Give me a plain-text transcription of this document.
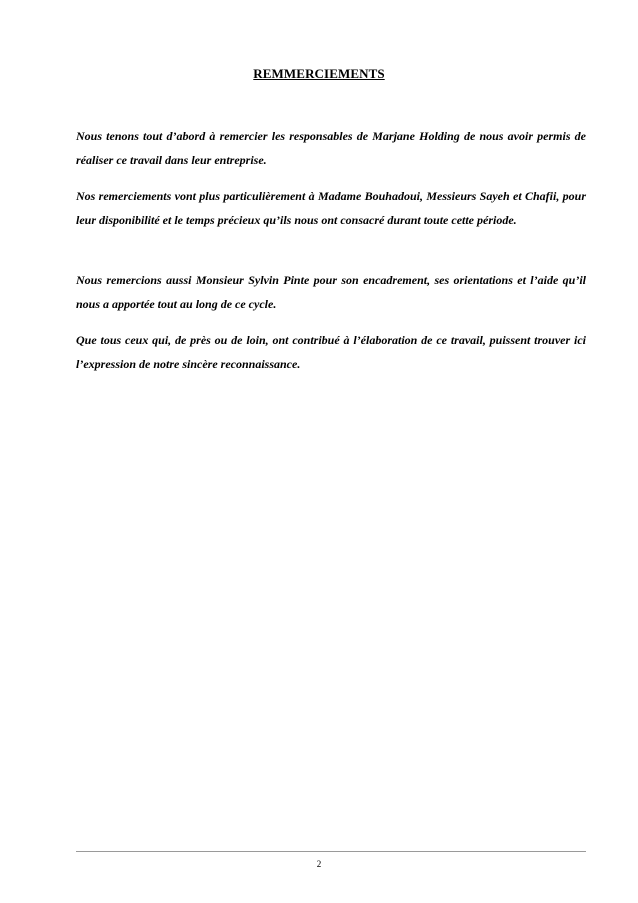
REMMERCIEMENTS

Nous tenons tout d’abord à remercier les responsables de Marjane Holding de nous avoir permis de réaliser ce travail dans leur entreprise.

Nos remerciements vont plus particulièrement à Madame Bouhadoui, Messieurs Sayeh et Chafii, pour leur disponibilité et le temps précieux qu’ils nous ont consacré durant toute cette période.

Nous remercions aussi Monsieur Sylvin Pinte pour son encadrement, ses orientations et l’aide qu’il nous a apportée tout au long de ce cycle.

Que tous ceux qui, de près ou de loin, ont contribué à l’élaboration de ce travail, puissent trouver ici l’expression de notre sincère reconnaissance.

2
